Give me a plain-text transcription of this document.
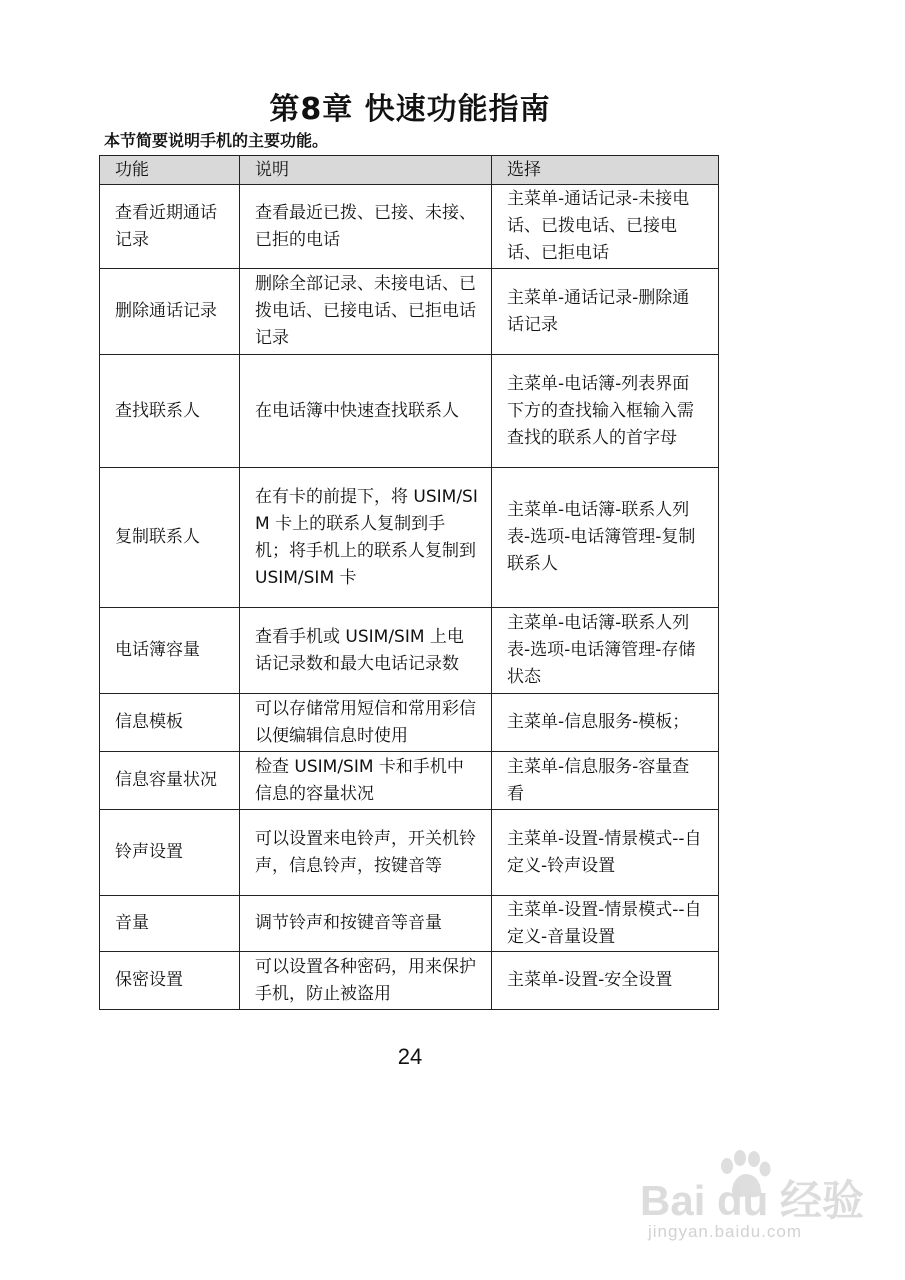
第8章 快速功能指南
本节简要说明手机的主要功能。
功能	说明	选择
查看近期通话记录	查看最近已拨、已接、未接、已拒的电话	主菜单-通话记录-未接电话、已拨电话、已接电话、已拒电话
删除通话记录	删除全部记录、未接电话、已拨电话、已接电话、已拒电话记录	主菜单-通话记录-删除通话记录
查找联系人	在电话簿中快速查找联系人	主菜单-电话簿-列表界面下方的查找输入框输入需查找的联系人的首字母
复制联系人	在有卡的前提下，将 USIM/SIM 卡上的联系人复制到手机；将手机上的联系人复制到 USIM/SIM 卡	主菜单-电话簿-联系人列表-选项-电话簿管理-复制联系人
电话簿容量	查看手机或 USIM/SIM 上电话记录数和最大电话记录数	主菜单-电话簿-联系人列表-选项-电话簿管理-存储状态
信息模板	可以存储常用短信和常用彩信以便编辑信息时使用	主菜单-信息服务-模板；
信息容量状况	检查 USIM/SIM 卡和手机中信息的容量状况	主菜单-信息服务-容量查看
铃声设置	可以设置来电铃声，开关机铃声，信息铃声，按键音等	主菜单-设置-情景模式--自定义-铃声设置
音量	调节铃声和按键音等音量	主菜单-设置-情景模式--自定义-音量设置
保密设置	可以设置各种密码，用来保护手机，防止被盗用	主菜单-设置-安全设置
24
Bai du 经验
jingyan.baidu.com
